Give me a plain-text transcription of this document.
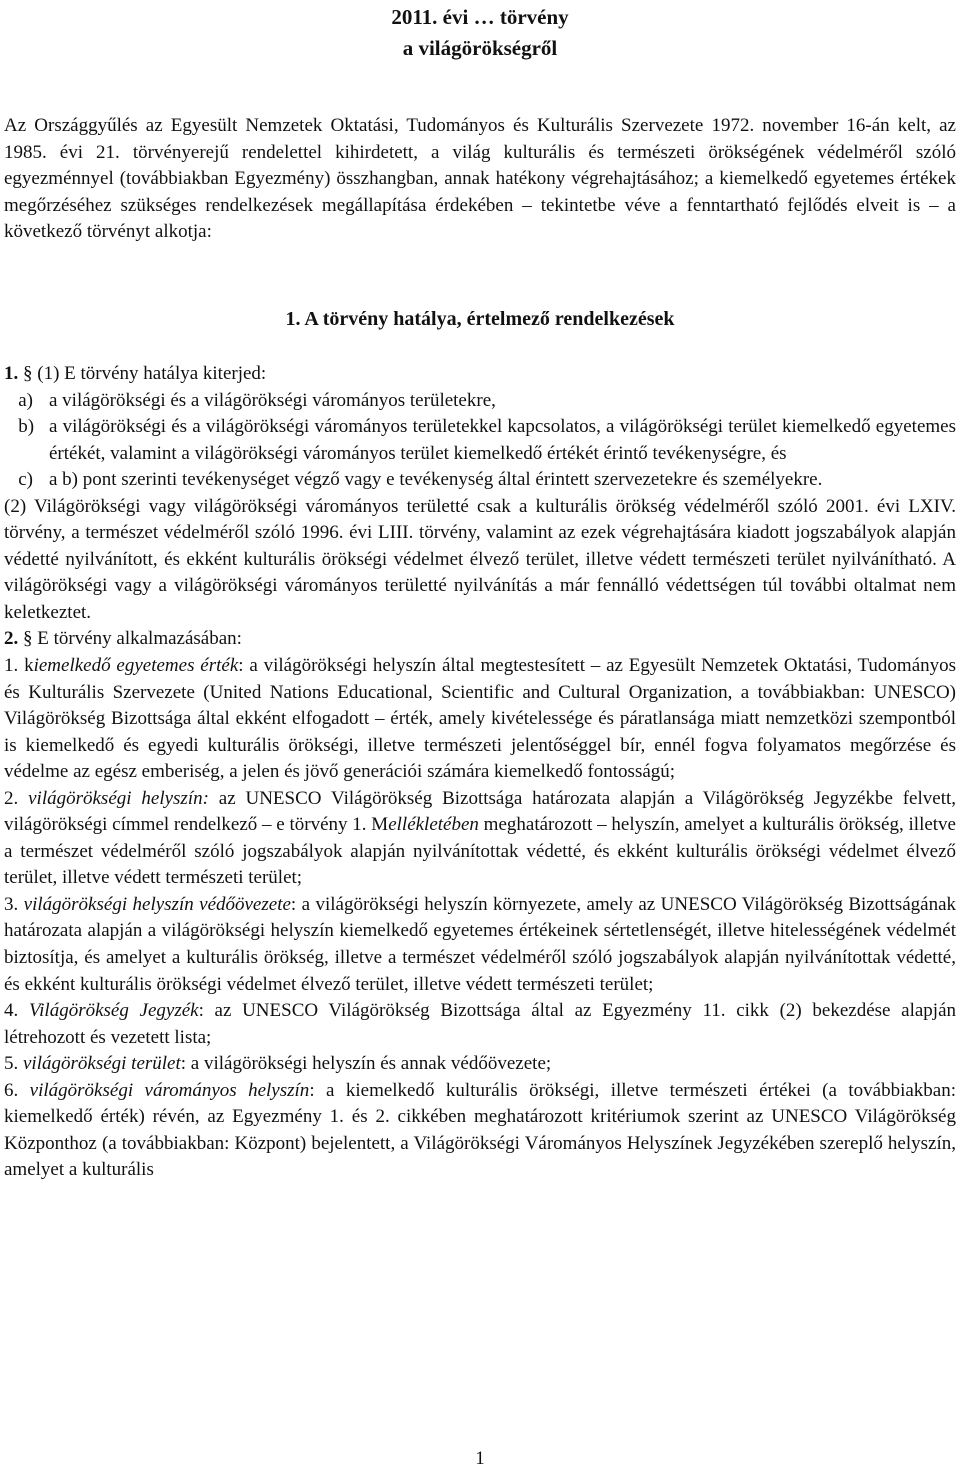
2011. évi … törvény
a világörökségről

Az Országgyűlés az Egyesült Nemzetek Oktatási, Tudományos és Kulturális Szervezete 1972. november 16-án kelt, az 1985. évi 21. törvényerejű rendelettel kihirdetett, a világ kulturális és természeti örökségének védelméről szóló egyezménnyel (továbbiakban Egyezmény) összhangban, annak hatékony végrehajtásához; a kiemelkedő egyetemes értékek megőrzéséhez szükséges rendelkezések megállapítása érdekében – tekintetbe véve a fenntartható fejlődés elveit is – a következő törvényt alkotja:

1. A törvény hatálya, értelmező rendelkezések

1. § (1) E törvény hatálya kiterjed:

a) a világörökségi és a világörökségi várományos területekre,
b) a világörökségi és a világörökségi várományos területekkel kapcsolatos, a világörökségi terület kiemelkedő egyetemes értékét, valamint a világörökségi várományos terület kiemelkedő értékét érintő tevékenységre, és
c) a b) pont szerinti tevékenységet végző vagy e tevékenység által érintett szervezetekre és személyekre.

(2) Világörökségi vagy világörökségi várományos területté csak a kulturális örökség védelméről szóló 2001. évi LXIV. törvény, a természet védelméről szóló 1996. évi LIII. törvény, valamint az ezek végrehajtására kiadott jogszabályok alapján védetté nyilvánított, és ekként kulturális örökségi védelmet élvező terület, illetve védett természeti terület nyilvánítható. A világörökségi vagy a világörökségi várományos területté nyilvánítás a már fennálló védettségen túl további oltalmat nem keletkeztet.

2. § E törvény alkalmazásában:

1. kiemelkedő egyetemes érték: a világörökségi helyszín által megtestesített – az Egyesült Nemzetek Oktatási, Tudományos és Kulturális Szervezete (United Nations Educational, Scientific and Cultural Organization, a továbbiakban: UNESCO) Világörökség Bizottsága által ekként elfogadott – érték, amely kivételessége és páratlansága miatt nemzetközi szempontból is kiemelkedő és egyedi kulturális örökségi, illetve természeti jelentőséggel bír, ennél fogva folyamatos megőrzése és védelme az egész emberiség, a jelen és jövő generációi számára kiemelkedő fontosságú;

2. világörökségi helyszín: az UNESCO Világörökség Bizottsága határozata alapján a Világörökség Jegyzékbe felvett, világörökségi címmel rendelkező – e törvény 1. Mellékletében meghatározott – helyszín, amelyet a kulturális örökség, illetve a természet védelméről szóló jogszabályok alapján nyilvánítottak védetté, és ekként kulturális örökségi védelmet élvező terület, illetve védett természeti terület;

3. világörökségi helyszín védőövezete: a világörökségi helyszín környezete, amely az UNESCO Világörökség Bizottságának határozata alapján a világörökségi helyszín kiemelkedő egyetemes értékeinek sértetlenségét, illetve hitelességének védelmét biztosítja, és amelyet a kulturális örökség, illetve a természet védelméről szóló jogszabályok alapján nyilvánítottak védetté, és ekként kulturális örökségi védelmet élvező terület, illetve védett természeti terület;

4. Világörökség Jegyzék: az UNESCO Világörökség Bizottsága által az Egyezmény 11. cikk (2) bekezdése alapján létrehozott és vezetett lista;

5. világörökségi terület: a világörökségi helyszín és annak védőövezete;

6. világörökségi várományos helyszín: a kiemelkedő kulturális örökségi, illetve természeti értékei (a továbbiakban: kiemelkedő érték) révén, az Egyezmény 1. és 2. cikkében meghatározott kritériumok szerint az UNESCO Világörökség Központhoz (a továbbiakban: Központ) bejelentett, a Világörökségi Várományos Helyszínek Jegyzékében szereplő helyszín, amelyet a kulturális

1
